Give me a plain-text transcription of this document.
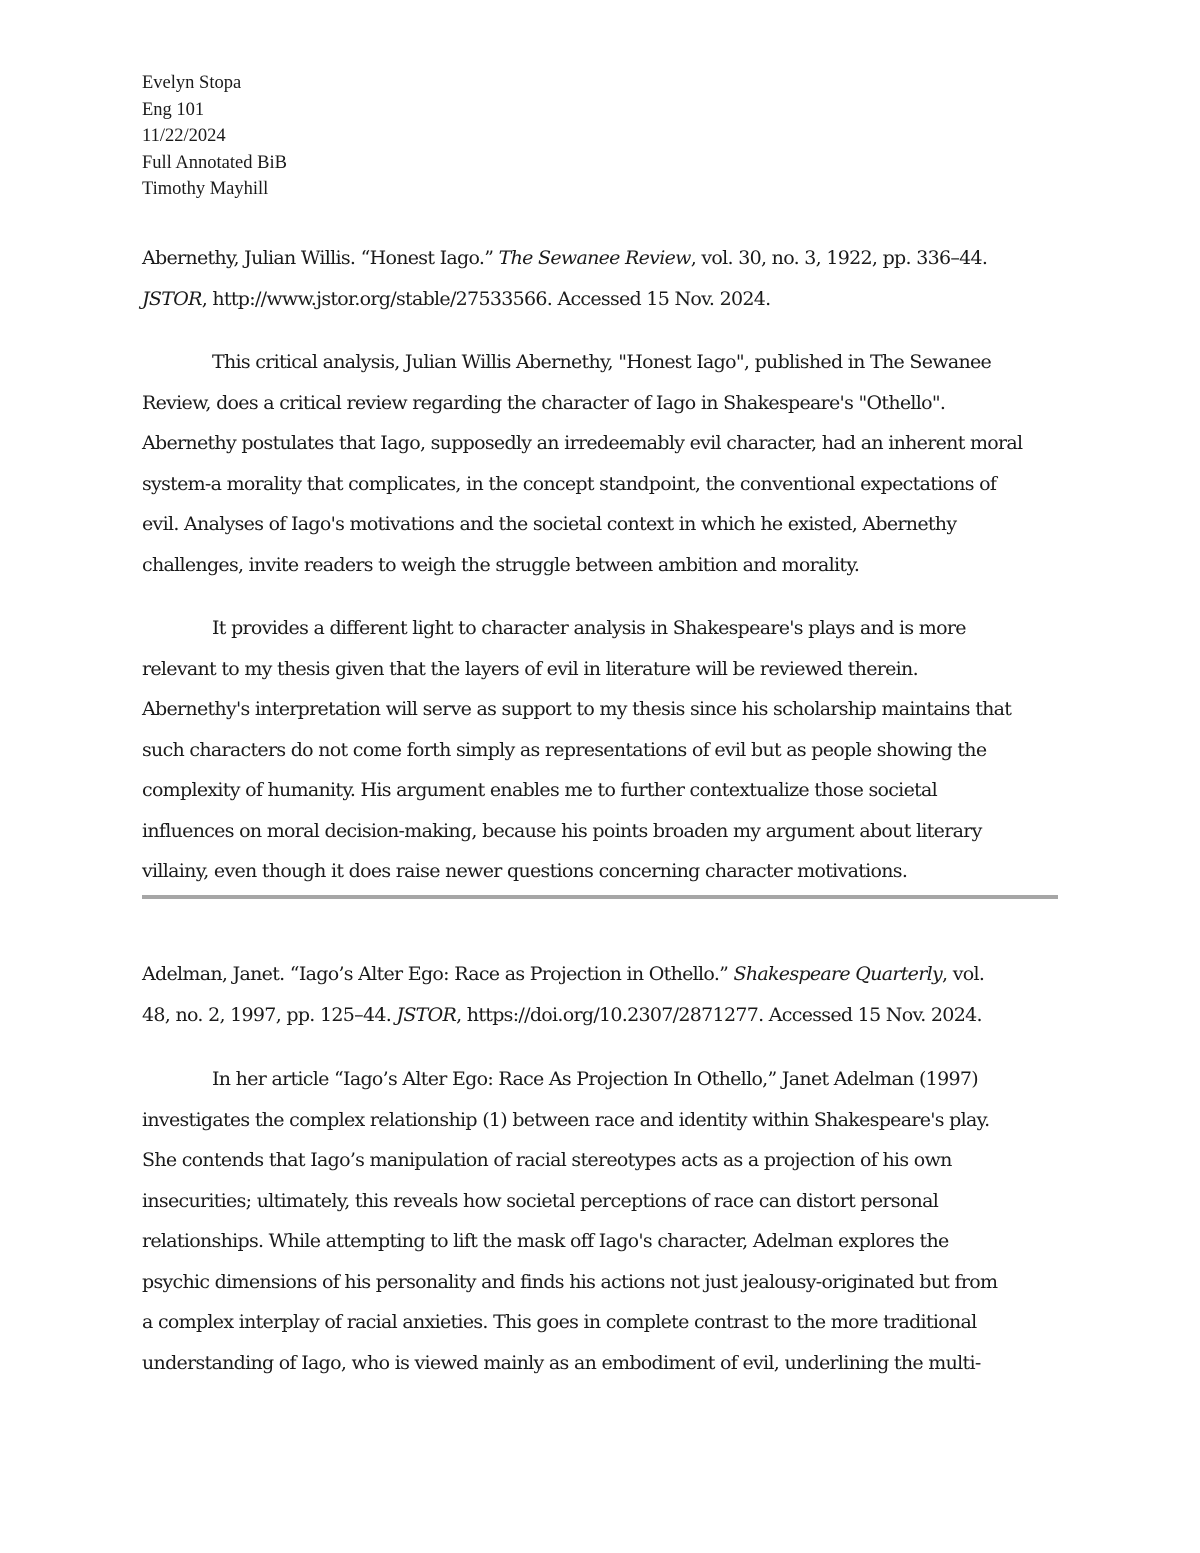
Evelyn Stopa
Eng 101
11/22/2024
Full Annotated BiB
Timothy Mayhill
Abernethy, Julian Willis. “Honest Iago.” The Sewanee Review, vol. 30, no. 3, 1922, pp. 336–44.
JSTOR, http://www.jstor.org/stable/27533566. Accessed 15 Nov. 2024.
This critical analysis, Julian Willis Abernethy, "Honest Iago", published in The Sewanee
Review, does a critical review regarding the character of Iago in Shakespeare's "Othello".
Abernethy postulates that Iago, supposedly an irredeemably evil character, had an inherent moral
system-a morality that complicates, in the concept standpoint, the conventional expectations of
evil. Analyses of Iago's motivations and the societal context in which he existed, Abernethy
challenges, invite readers to weigh the struggle between ambition and morality.
It provides a different light to character analysis in Shakespeare's plays and is more
relevant to my thesis given that the layers of evil in literature will be reviewed therein.
Abernethy's interpretation will serve as support to my thesis since his scholarship maintains that
such characters do not come forth simply as representations of evil but as people showing the
complexity of humanity. His argument enables me to further contextualize those societal
influences on moral decision-making, because his points broaden my argument about literary
villainy, even though it does raise newer questions concerning character motivations.
Adelman, Janet. “Iago’s Alter Ego: Race as Projection in Othello.” Shakespeare Quarterly, vol.
48, no. 2, 1997, pp. 125–44. JSTOR, https://doi.org/10.2307/2871277. Accessed 15 Nov. 2024.
In her article “Iago’s Alter Ego: Race As Projection In Othello,” Janet Adelman (1997)
investigates the complex relationship (1) between race and identity within Shakespeare's play.
She contends that Iago’s manipulation of racial stereotypes acts as a projection of his own
insecurities; ultimately, this reveals how societal perceptions of race can distort personal
relationships. While attempting to lift the mask off Iago's character, Adelman explores the
psychic dimensions of his personality and finds his actions not just jealousy-originated but from
a complex interplay of racial anxieties. This goes in complete contrast to the more traditional
understanding of Iago, who is viewed mainly as an embodiment of evil, underlining the multi-
